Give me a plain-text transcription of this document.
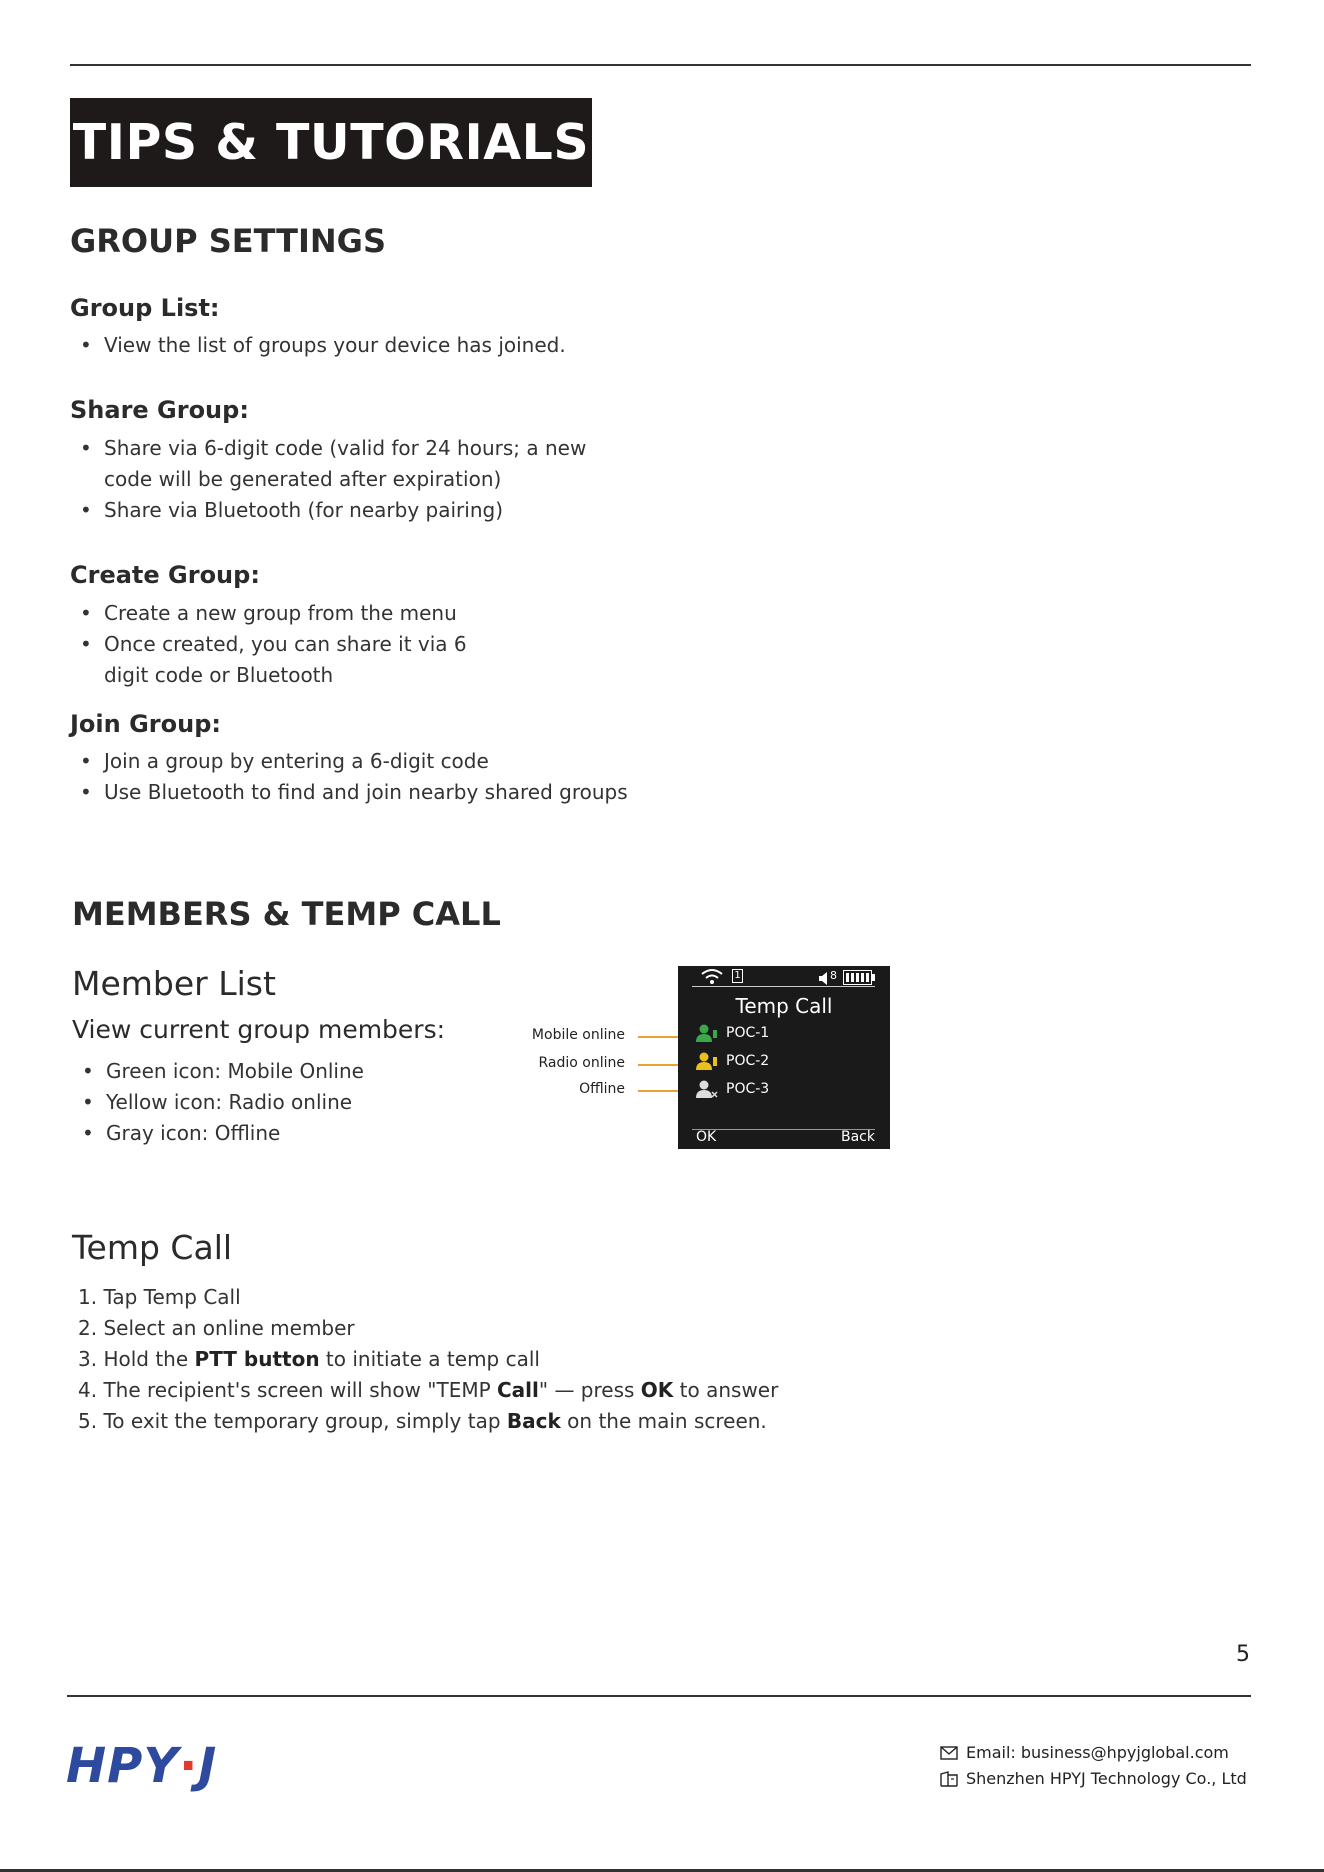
TIPS & TUTORIALS
GROUP SETTINGS
Group List:
• View the list of groups your device has joined.
Share Group:
• Share via 6-digit code (valid for 24 hours; a new
code will be generated after expiration)
• Share via Bluetooth (for nearby pairing)
Create Group:
• Create a new group from the menu
• Once created, you can share it via 6
digit code or Bluetooth
Join Group:
• Join a group by entering a 6-digit code
• Use Bluetooth to find and join nearby shared groups
MEMBERS & TEMP CALL
Member List
View current group members:
• Green icon: Mobile Online
• Yellow icon: Radio online
• Gray icon: Offline
Mobile online
Radio online
Offline
1	8
Temp Call
POC-1
POC-2
POC-3
OK	Back
Temp Call
1. Tap Temp Call
2. Select an online member
3. Hold the PTT button to initiate a temp call
4. The recipient's screen will show "TEMP Call" — press OK to answer
5. To exit the temporary group, simply tap Back on the main screen.
5
HPY·J	Email: business@hpyjglobal.com
Shenzhen HPYJ Technology Co., Ltd
